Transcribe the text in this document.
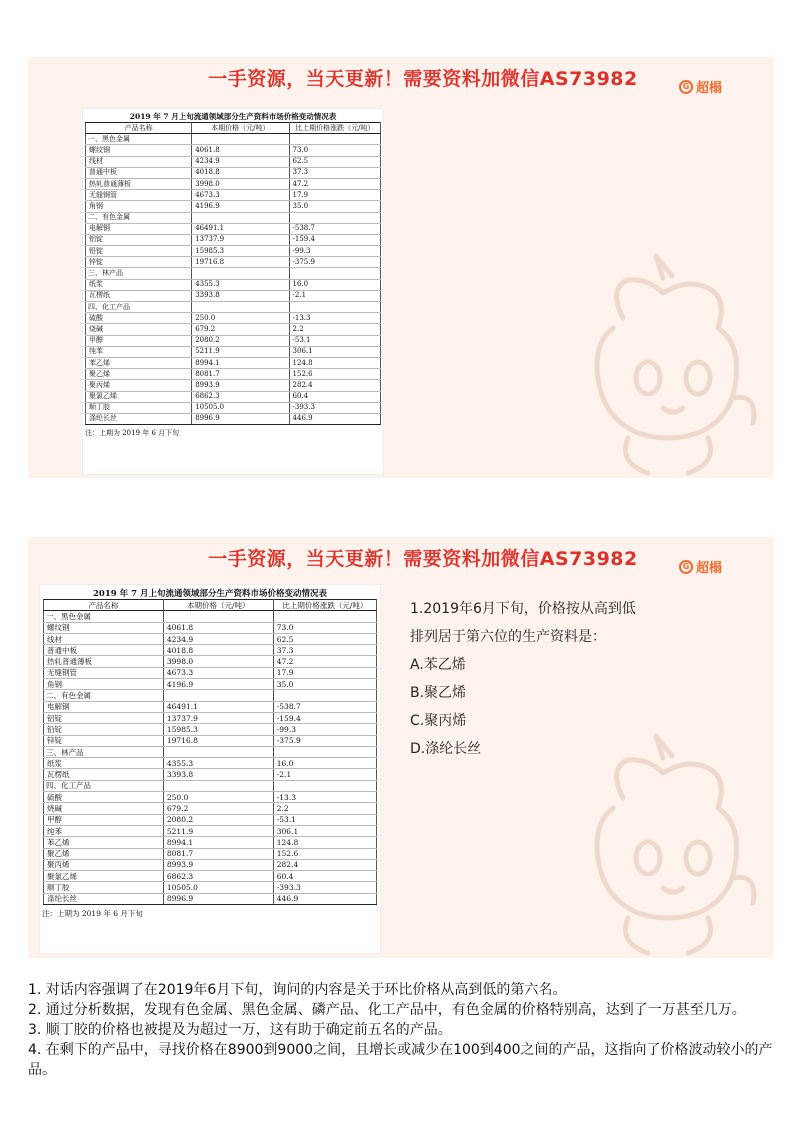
一手资源，当天更新！需要资料加微信AS73982	G 超榻
2019 年 7 月上旬流通领域部分生产资料市场价格变动情况表
产品名称	本期价格（元/吨）	比上期价格涨跌（元/吨）
一、黑色金属		
螺纹钢	4061.8	73.0
线材	4234.9	62.5
普通中板	4018.8	37.3
热轧普通薄板	3998.0	47.2
无缝钢管	4673.3	17.9
角钢	4196.9	35.0
二、有色金属		
电解铜	46491.1	-538.7
铝锭	13737.9	-159.4
铅锭	15985.3	-99.3
锌锭	19716.8	-375.9
三、林产品		
纸浆	4355.3	16.0
瓦楞纸	3393.8	-2.1
四、化工产品		
硫酸	250.0	-13.3
烧碱	679.2	2.2
甲醇	2080.2	-53.1
纯苯	5211.9	306.1
苯乙烯	8994.1	124.8
聚乙烯	8081.7	152.6
聚丙烯	8993.9	282.4
聚氯乙烯	6862.3	60.4
顺丁胶	10505.0	-393.3
涤纶长丝	8996.9	446.9
注：上期为 2019 年 6 月下旬
一手资源，当天更新！需要资料加微信AS73982	G 超榻
2019 年 7 月上旬流通领域部分生产资料市场价格变动情况表
产品名称	本期价格（元/吨）	比上期价格涨跌（元/吨）
一、黑色金属		
螺纹钢	4061.8	73.0
线材	4234.9	62.5
普通中板	4018.8	37.3
热轧普通薄板	3998.0	47.2
无缝钢管	4673.3	17.9
角钢	4196.9	35.0
二、有色金属		
电解铜	46491.1	-538.7
铝锭	13737.9	-159.4
铅锭	15985.3	-99.3
锌锭	19716.8	-375.9
三、林产品		
纸浆	4355.3	16.0
瓦楞纸	3393.8	-2.1
四、化工产品		
硫酸	250.0	-13.3
烧碱	679.2	2.2
甲醇	2080.2	-53.1
纯苯	5211.9	306.1
苯乙烯	8994.1	124.8
聚乙烯	8081.7	152.6
聚丙烯	8993.9	282.4
聚氯乙烯	6862.3	60.4
顺丁胶	10505.0	-393.3
涤纶长丝	8996.9	446.9
注：上期为 2019 年 6 月下旬
1.2019年6月下旬，价格按从高到低
排列居于第六位的生产资料是：
A.苯乙烯
B.聚乙烯
C.聚丙烯
D.涤纶长丝

1. 对话内容强调了在2019年6月下旬，询问的内容是关于环比价格从高到低的第六名。

2. 通过分析数据，发现有色金属、黑色金属、磷产品、化工产品中，有色金属的价格特别高，达到了一万甚至几万。

3. 顺丁胶的价格也被提及为超过一万，这有助于确定前五名的产品。

4. 在剩下的产品中，寻找价格在8900到9000之间，且增长或减少在100到400之间的产品，这指向了价格波动较小的产品。
